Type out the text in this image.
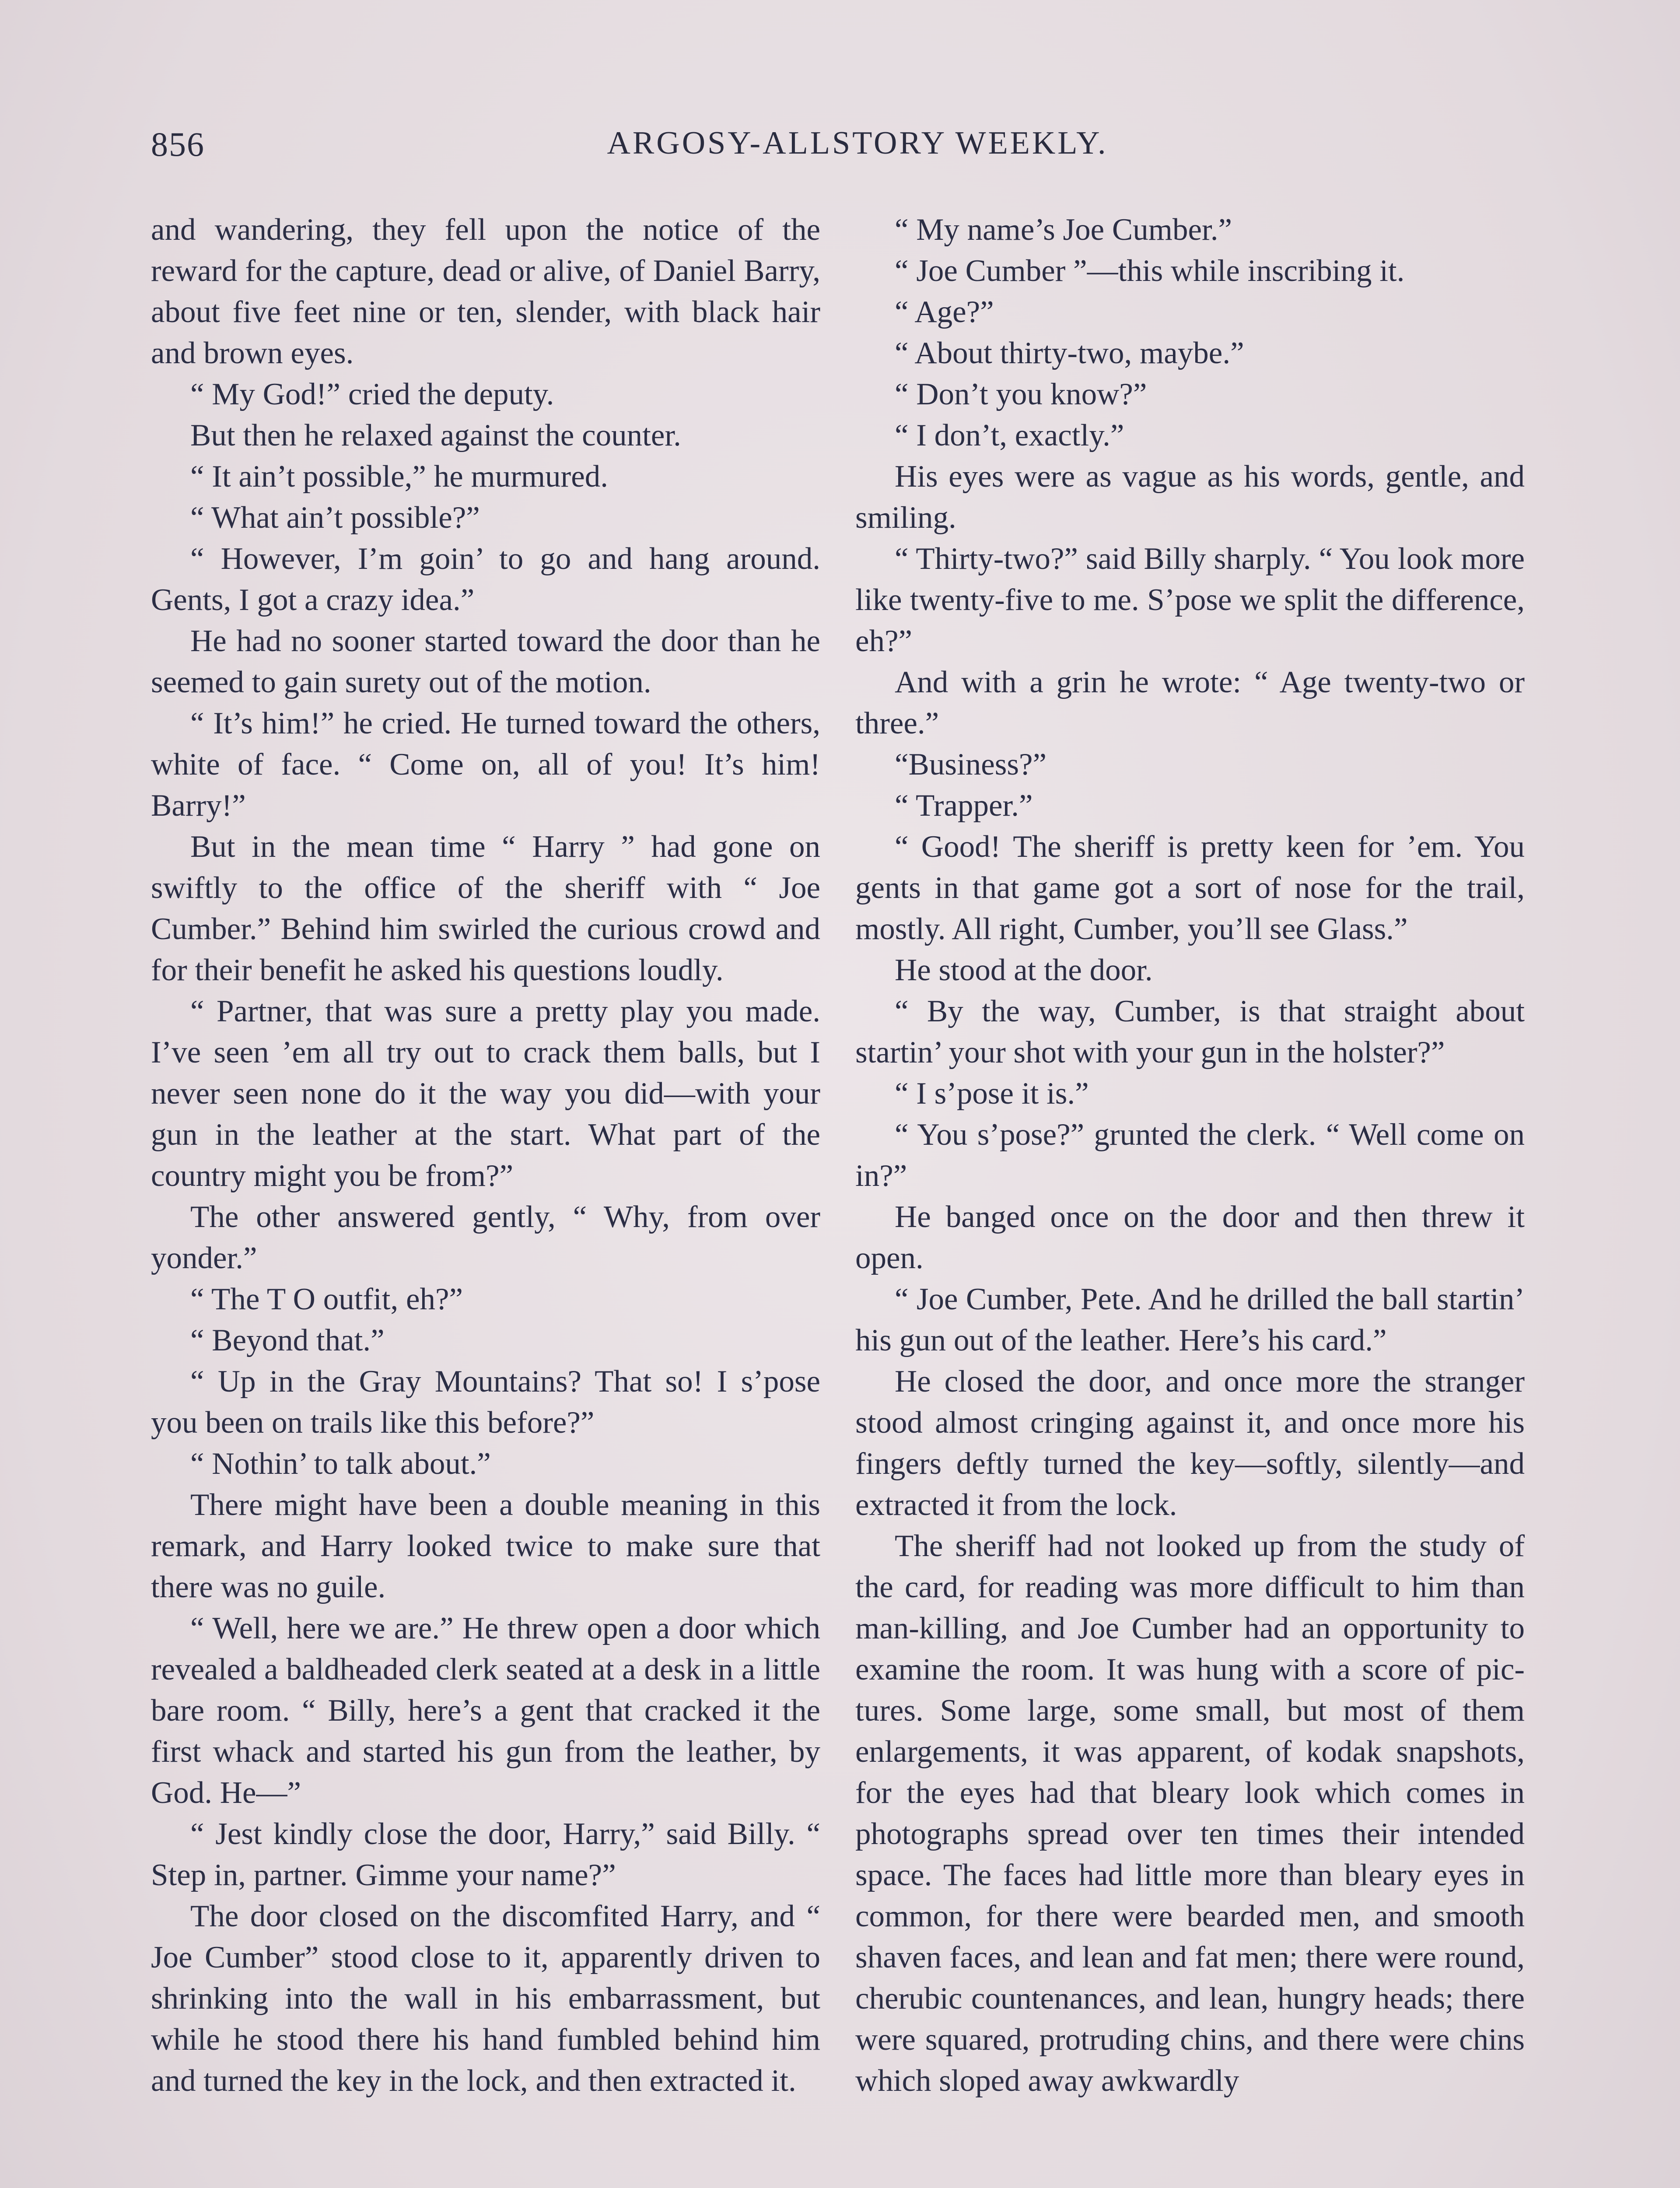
856	ARGOSY-ALLSTORY WEEKLY.

and wandering, they fell upon the notice of the reward for the capture, dead or alive, of Daniel Barry, about five feet nine or ten, slender, with black hair and brown eyes.

“ My God!” cried the deputy.

But then he relaxed against the counter.

“ It ain’t possible,” he murmured.

“ What ain’t possible?”

“ However, I’m goin’ to go and hang around. Gents, I got a crazy idea.”

He had no sooner started toward the door than he seemed to gain surety out of the motion.

“ It’s him!” he cried. He turned toward the others, white of face. “ Come on, all of you! It’s him! Barry!”

But in the mean time “ Harry ” had gone on swiftly to the office of the sheriff with “ Joe Cumber.” Behind him swirled the curious crowd and for their benefit he asked his questions loudly.

“ Partner, that was sure a pretty play you made. I’ve seen ’em all try out to crack them balls, but I never seen none do it the way you did—with your gun in the leather at the start. What part of the country might you be from?”

The other answered gently, “ Why, from over yonder.”

“ The T O outfit, eh?”

“ Beyond that.”

“ Up in the Gray Mountains? That so! I s’pose you been on trails like this before?”

“ Nothin’ to talk about.”

There might have been a double meaning in this remark, and Harry looked twice to make sure that there was no guile.

“ Well, here we are.” He threw open a door which revealed a baldheaded clerk seated at a desk in a little bare room. “ Billy, here’s a gent that cracked it the first whack and started his gun from the leather, by God. He—”

“ Jest kindly close the door, Harry,” said Billy. “ Step in, partner. Gimme your name?”

The door closed on the discomfited Harry, and “ Joe Cumber” stood close to it, apparently driven to shrinking into the wall in his embarrassment, but while he stood there his hand fumbled behind him and turned the key in the lock, and then extracted it.

“ My name’s Joe Cumber.”

“ Joe Cumber ”—this while inscribing it.

“ Age?”

“ About thirty-two, maybe.”

“ Don’t you know?”

“ I don’t, exactly.”

His eyes were as vague as his words, gentle, and smiling.

“ Thirty-two?” said Billy sharply. “ You look more like twenty-five to me. S’pose we split the difference, eh?”

And with a grin he wrote: “ Age twenty-two or three.”

“Business?”

“ Trapper.”

“ Good! The sheriff is pretty keen for ’em. You gents in that game got a sort of nose for the trail, mostly. All right, Cumber, you’ll see Glass.”

He stood at the door.

“ By the way, Cumber, is that straight about startin’ your shot with your gun in the holster?”

“ I s’pose it is.”

“ You s’pose?” grunted the clerk. “ Well come on in?”

He banged once on the door and then threw it open.

“ Joe Cumber, Pete. And he drilled the ball startin’ his gun out of the leather. Here’s his card.”

He closed the door, and once more the stranger stood almost cringing against it, and once more his fingers deftly turned the key—softly, silently—and extracted it from the lock.

The sheriff had not looked up from the study of the card, for reading was more difficult to him than man-killing, and Joe Cumber had an opportunity to examine the room. It was hung with a score of pictures. Some large, some small, but most of them enlargements, it was apparent, of kodak snapshots, for the eyes had that bleary look which comes in photographs spread over ten times their intended space. The faces had little more than bleary eyes in common, for there were bearded men, and smooth shaven faces, and lean and fat men; there were round, cherubic countenances, and lean, hungry heads; there were squared, protruding chins, and there were chins which sloped away awkwardly
